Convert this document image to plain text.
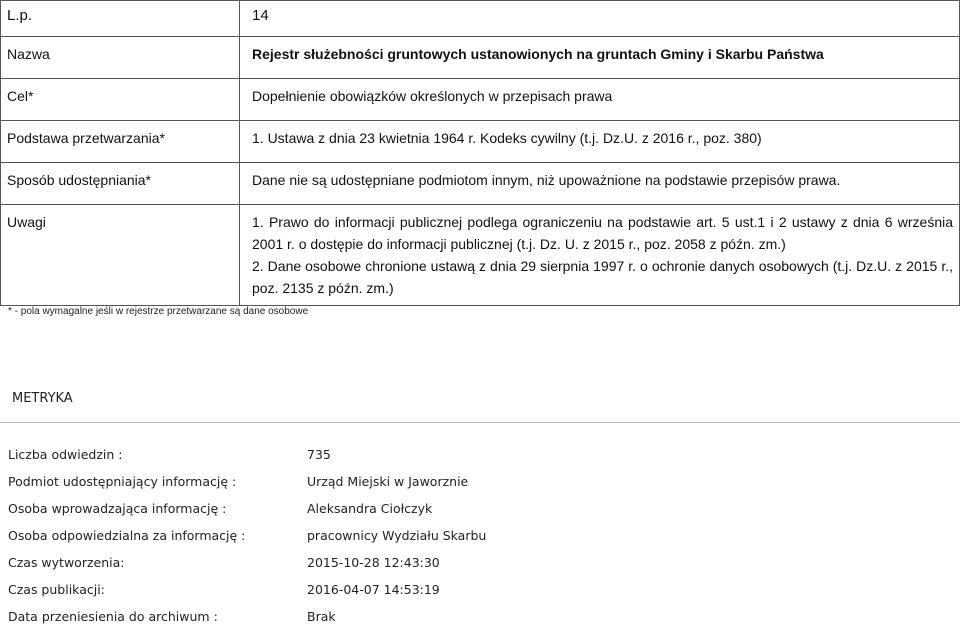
L.p.	14
Nazwa	Rejestr służebności gruntowych ustanowionych na gruntach Gminy i Skarbu Państwa
Cel*	Dopełnienie obowiązków określonych w przepisach prawa
Podstawa przetwarzania*	1. Ustawa z dnia 23 kwietnia 1964 r. Kodeks cywilny (t.j. Dz.U. z 2016 r., poz. 380)
Sposób udostępniania*	Dane nie są udostępniane podmiotom innym, niż upoważnione na podstawie przepisów prawa.
Uwagi	1. Prawo do informacji publicznej podlega ograniczeniu na podstawie art. 5 ust.1 i 2 ustawy z dnia 6 września 2001 r. o dostępie do informacji publicznej (t.j. Dz. U. z 2015 r., poz. 2058 z późn. zm.)
2. Dane osobowe chronione ustawą z dnia 29 sierpnia 1997 r. o ochronie danych osobowych (t.j. Dz.U. z 2015 r., poz. 2135 z późn. zm.)
* - pola wymagalne jeśli w rejestrze przetwarzane są dane osobowe
METRYKA
Liczba odwiedzin :	735
Podmiot udostępniający informację :	Urząd Miejski w Jaworznie
Osoba wprowadzająca informację :	Aleksandra Ciołczyk
Osoba odpowiedzialna za informację :	pracownicy Wydziału Skarbu
Czas wytworzenia:	2015-10-28 12:43:30
Czas publikacji:	2016-04-07 14:53:19
Data przeniesienia do archiwum :	Brak
